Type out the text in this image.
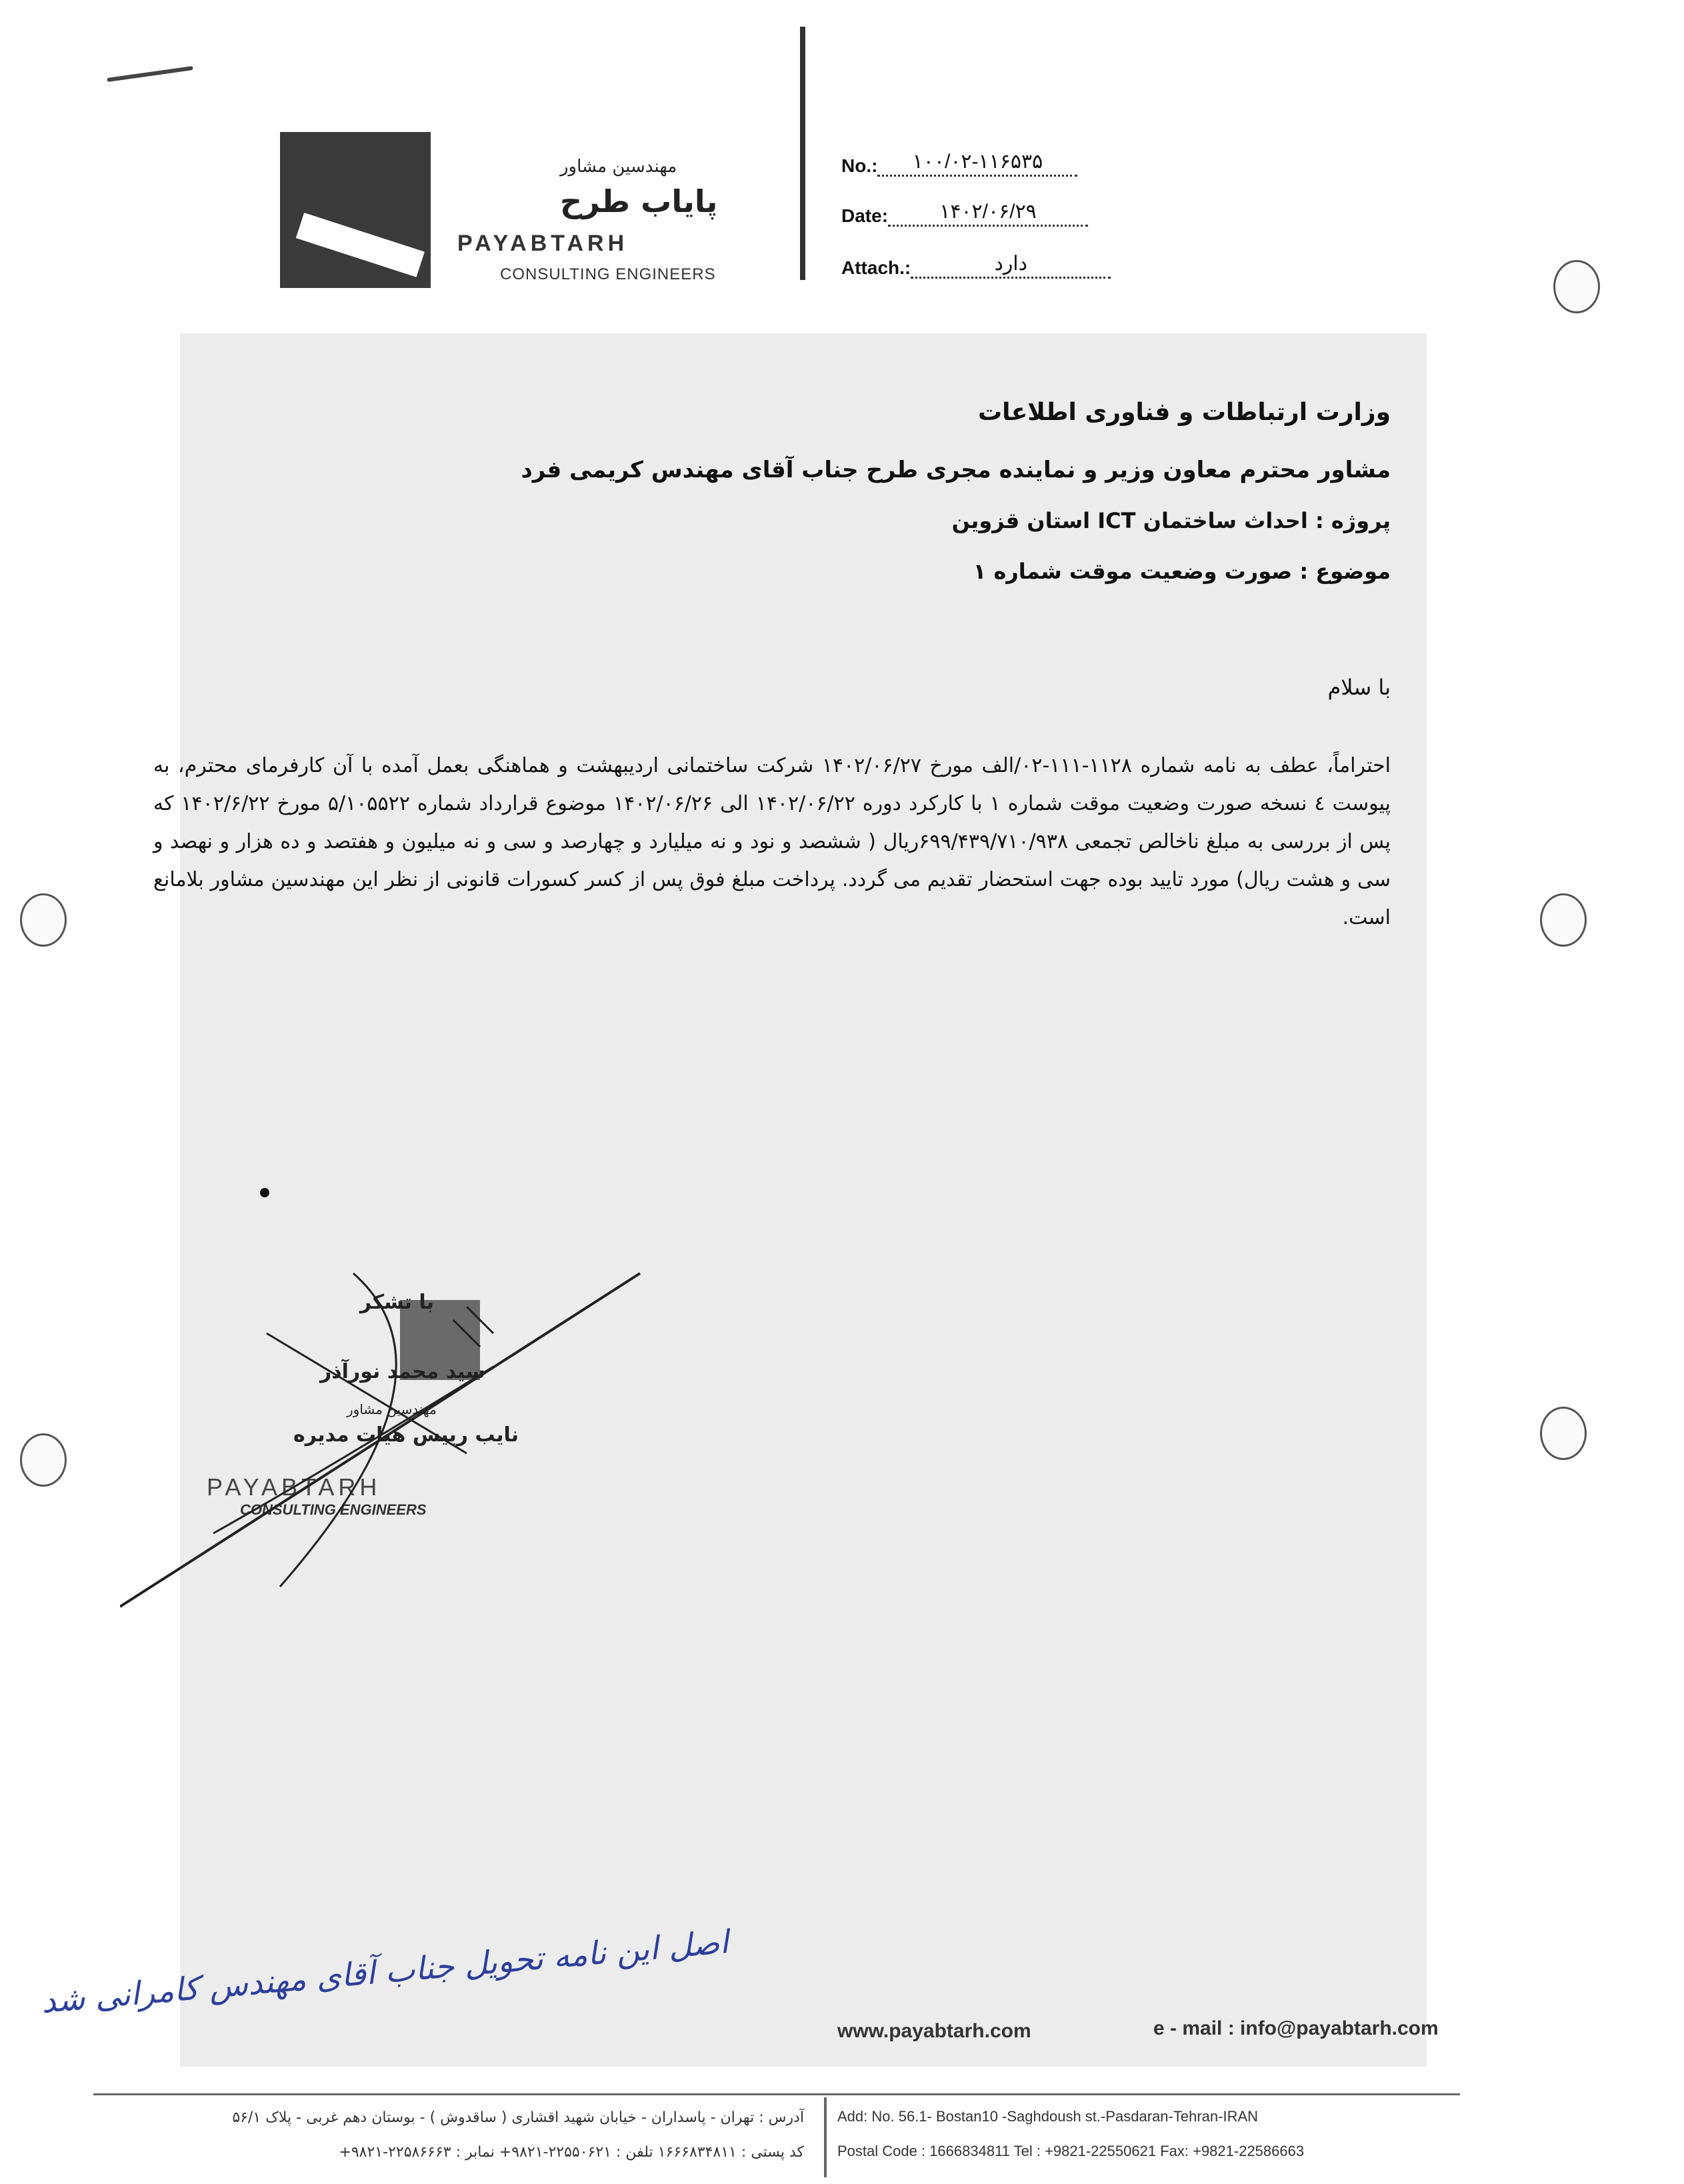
مهندسین مشاور
پایاب طرح
PAYABTARH
CONSULTING ENGINEERS
No.:	۱۰۰/۰۲-۱۱۶۵۳۵
Date:	۱۴۰۲/۰۶/۲۹
Attach.:	دارد
وزارت ارتباطات و فناوری اطلاعات
مشاور محترم معاون وزیر و نماینده مجری طرح جناب آقای مهندس کریمی فرد
پروژه : احداث ساختمان ICT استان قزوین
موضوع : صورت وضعیت موقت شماره ۱
با سلام
احتراماً، عطف به نامه شماره ۱۱۲۸-۱۱۱-۰۲/الف مورخ ۱۴۰۲/۰۶/۲۷ شرکت ساختمانی اردیبهشت و هماهنگی بعمل آمده با آن کارفرمای محترم، به پیوست ٤ نسخه صورت وضعیت موقت شماره ۱ با کارکرد دوره ۱۴۰۲/۰۶/۲۲ الی ۱۴۰۲/۰۶/۲۶ موضوع قرارداد شماره ۵/۱۰۵۵۲۲ مورخ ۱۴۰۲/۶/۲۲ که پس از بررسی به مبلغ ناخالص تجمعی ۶۹۹/۴۳۹/۷۱۰/۹۳۸ریال ( ششصد و نود و نه میلیارد و چهارصد و سی و نه میلیون و هفتصد و ده هزار و نهصد و سی و هشت ریال) مورد تایید بوده جهت استحضار تقدیم می گردد. پرداخت مبلغ فوق پس از کسر کسورات قانونی از نظر این مهندسین مشاور بلامانع است.
با تشکر
سید محمد نورآذر
مهندسین مشاور
نایب رییس هیات مدیره
PAYABTARH
CONSULTING ENGINEERS
اصل این نامه تحویل جناب آقای مهندس کامرانی شد
www.payabtarh.com	e - mail : info@payabtarh.com
آدرس : تهران - پاسداران - خیابان شهید اقشاری ( ساقدوش ) - بوستان دهم غربی - پلاک ۵۶/۱
کد پستی : ۱۶۶۶۸۳۴۸۱۱ تلفن : ۲۲۵۵۰۶۲۱-۹۸۲۱+ نمابر : ۲۲۵۸۶۶۶۳-۹۸۲۱+
Add: No. 56.1- Bostan10 -Saghdoush st.-Pasdaran-Tehran-IRAN
Postal Code : 1666834811 Tel : +9821-22550621 Fax: +9821-22586663
